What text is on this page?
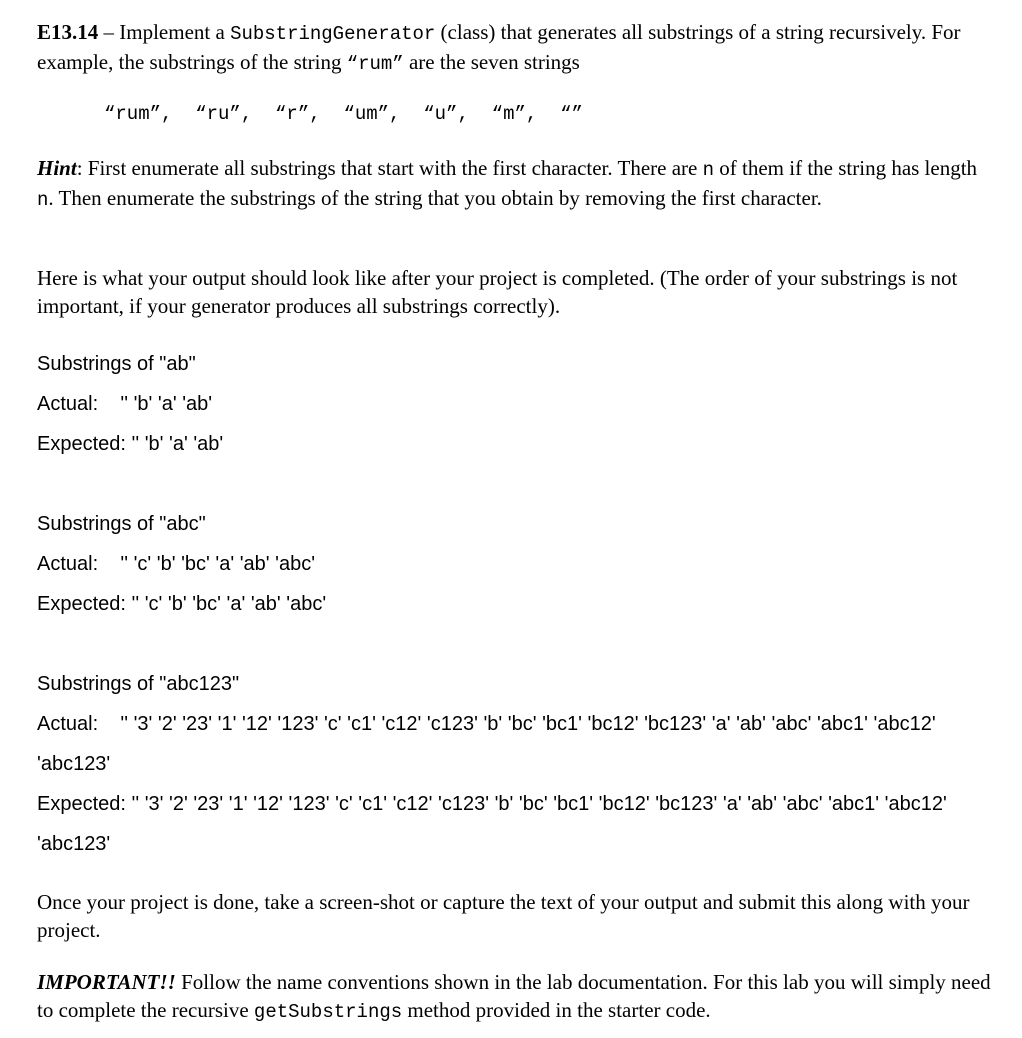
E13.14 – Implement a SubstringGenerator (class) that generates all substrings of a string recursively. For example, the substrings of the string “rum” are the seven strings

“rum”,  “ru”,  “r”,  “um”,  “u”,  “m”,  “”

Hint: First enumerate all substrings that start with the first character. There are n of them if the string has length n. Then enumerate the substrings of the string that you obtain by removing the first character.

Here is what your output should look like after your project is completed. (The order of your substrings is not important, if your generator produces all substrings correctly).

Substrings of "ab"
Actual:    '' 'b' 'a' 'ab'
Expected: '' 'b' 'a' 'ab'
Substrings of "abc"
Actual:    '' 'c' 'b' 'bc' 'a' 'ab' 'abc'
Expected: '' 'c' 'b' 'bc' 'a' 'ab' 'abc'
Substrings of "abc123"
Actual:    '' '3' '2' '23' '1' '12' '123' 'c' 'c1' 'c12' 'c123' 'b' 'bc' 'bc1' 'bc12' 'bc123' 'a' 'ab' 'abc' 'abc1' 'abc12' 'abc123'
Expected: '' '3' '2' '23' '1' '12' '123' 'c' 'c1' 'c12' 'c123' 'b' 'bc' 'bc1' 'bc12' 'bc123' 'a' 'ab' 'abc' 'abc1' 'abc12' 'abc123'

Once your project is done, take a screen-shot or capture the text of your output and submit this along with your project.

IMPORTANT!! Follow the name conventions shown in the lab documentation. For this lab you will simply need to complete the recursive getSubstrings method provided in the starter code.
